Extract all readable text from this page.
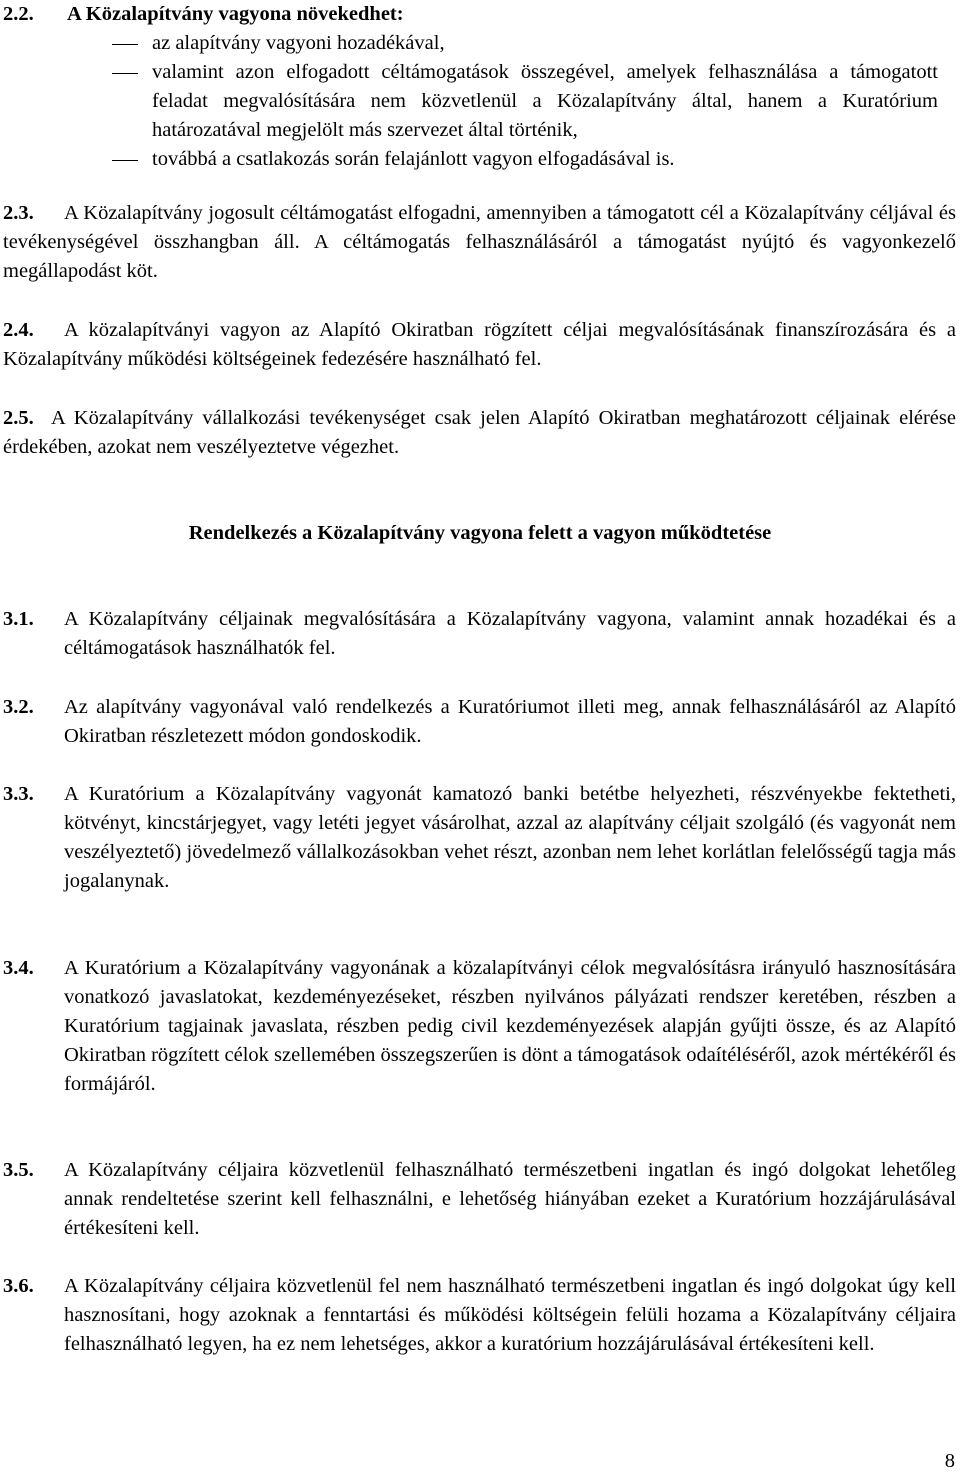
2.2. A Közalapítvány vagyona növekedhet:
az alapítvány vagyoni hozadékával,
valamint azon elfogadott céltámogatások összegével, amelyek felhasználása a támogatott feladat megvalósítására nem közvetlenül a Közalapítvány által, hanem a Kuratórium határozatával megjelölt más szervezet által történik,
továbbá a csatlakozás során felajánlott vagyon elfogadásával is.
2.3.	A Közalapítvány jogosult céltámogatást elfogadni, amennyiben a támogatott cél a Közalapítvány céljával és tevékenységével összhangban áll. A céltámogatás felhasználásáról a támogatást nyújtó és vagyonkezelő megállapodást köt.
2.4.	A közalapítványi vagyon az Alapító Okiratban rögzített céljai megvalósításának finanszírozására és a Közalapítvány működési költségeinek fedezésére használható fel.
2.5. A Közalapítvány vállalkozási tevékenységet csak jelen Alapító Okiratban meghatározott céljainak elérése érdekében, azokat nem veszélyeztetve végezhet.
Rendelkezés a Közalapítvány vagyona felett a vagyon működtetése
3.1. A Közalapítvány céljainak megvalósítására a Közalapítvány vagyona, valamint annak hozadékai és a céltámogatások használhatók fel.
3.2. Az alapítvány vagyonával való rendelkezés a Kuratóriumot illeti meg, annak felhasználásáról az Alapító Okiratban részletezett módon gondoskodik.
3.3. A Kuratórium a Közalapítvány vagyonát kamatozó banki betétbe helyezheti, részvényekbe fektetheti, kötvényt, kincstárjegyet, vagy letéti jegyet vásárolhat, azzal az alapítvány céljait szolgáló (és vagyonát nem veszélyeztető) jövedelmező vállalkozásokban vehet részt, azonban nem lehet korlátlan felelősségű tagja más jogalanynak.
3.4. A Kuratórium a Közalapítvány vagyonának a közalapítványi célok megvalósításra irányuló hasznosítására vonatkozó javaslatokat, kezdeményezéseket, részben nyilvános pályázati rendszer keretében, részben a Kuratórium tagjainak javaslata, részben pedig civil kezdeményezések alapján gyűjti össze, és az Alapító Okiratban rögzített célok szellemében összegszerűen is dönt a támogatások odaítéléséről, azok mértékéről és formájáról.
3.5. A Közalapítvány céljaira közvetlenül felhasználható természetbeni ingatlan és ingó dolgokat lehetőleg annak rendeltetése szerint kell felhasználni, e lehetőség hiányában ezeket a Kuratórium hozzájárulásával értékesíteni kell.
3.6. A Közalapítvány céljaira közvetlenül fel nem használható természetbeni ingatlan és ingó dolgokat úgy kell hasznosítani, hogy azoknak a fenntartási és működési költségein felüli hozama a Közalapítvány céljaira felhasználható legyen, ha ez nem lehetséges, akkor a kuratórium hozzájárulásával értékesíteni kell.
8
